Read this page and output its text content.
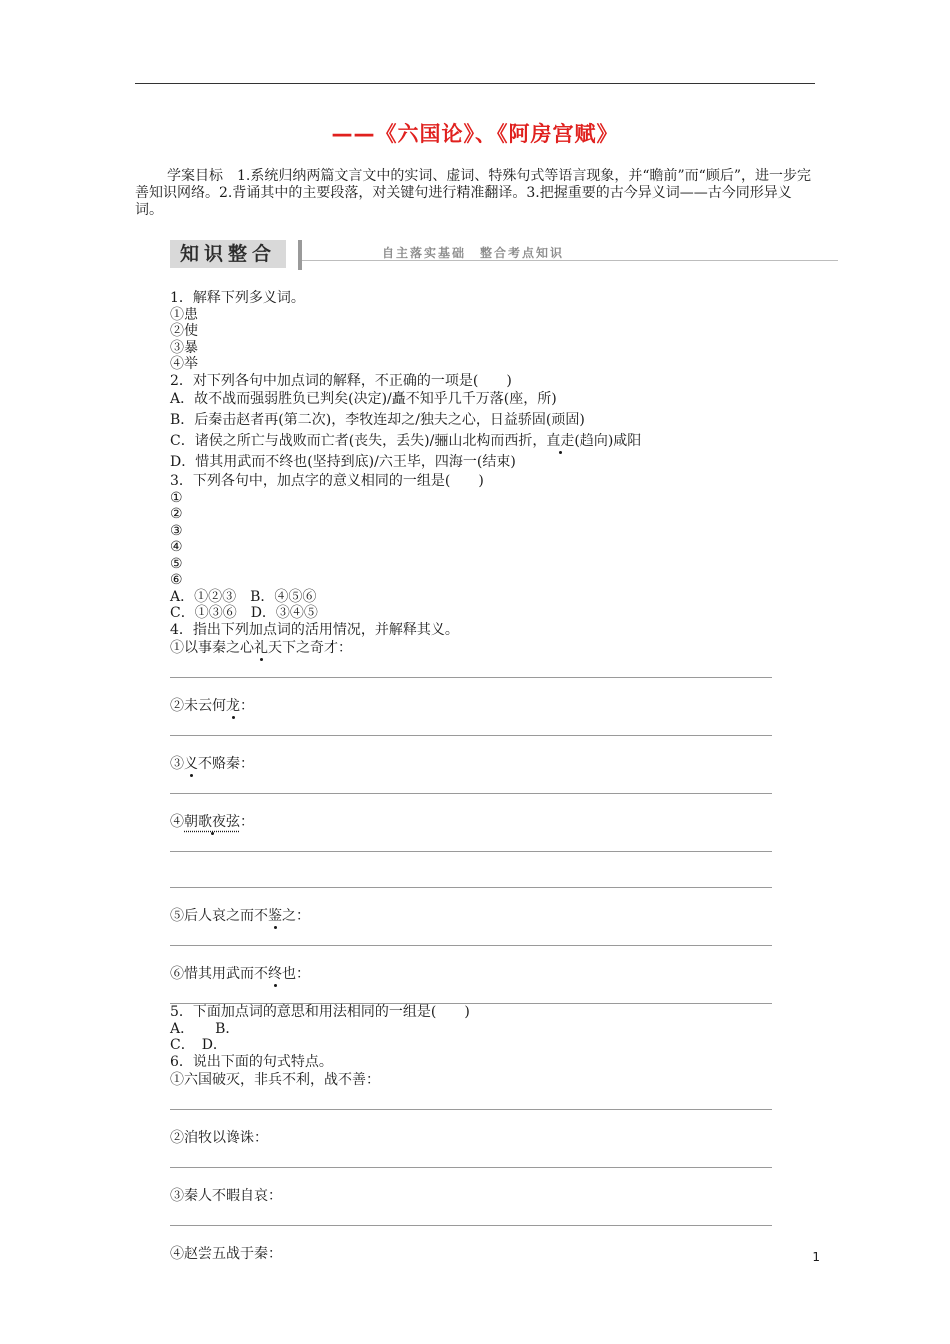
——《六国论》、《阿房宫赋》
学案目标　1.系统归纳两篇文言文中的实词、虚词、特殊句式等语言现象，并“瞻前”而“顾后”，进一步完善知识网络。2.背诵其中的主要段落，对关键句进行精准翻译。3.把握重要的古今异义词——古今同形异义词。
知识整合	自主落实基础　整合考点知识
1．解释下列多义词。
①患
②使
③暴
④举
2．对下列各句中加点词的解释，不正确的一项是(　　)
A．故不战而强弱胜负已判矣(决定)/矗不知乎几千万落(座，所)
B．后秦击赵者再(第二次)，李牧连却之/独夫之心，日益骄固(顽固)
C．诸侯之所亡与战败而亡者(丧失，丢失)/骊山北构而西折，直走(趋向)咸阳
D．惜其用武而不终也(坚持到底)/六王毕，四海一(结束)
3．下列各句中，加点字的意义相同的一组是(　　)
①
②
③
④
⑤
⑥
A．①②③　B．④⑤⑥
C．①③⑥　D．③④⑤
4．指出下列加点词的活用情况，并解释其义。
①以事秦之心礼天下之奇才：
②未云何龙：
③义不赂秦：
④朝歌夜弦：
⑤后人哀之而不鉴之：
⑥惜其用武而不终也：
5．下面加点词的意思和用法相同的一组是(　　)
A．　　B．
C．　D．
6．说出下面的句式特点。
①六国破灭，非兵不利，战不善：
②洎牧以谗诛：
③秦人不暇自哀：
④赵尝五战于秦：	1
